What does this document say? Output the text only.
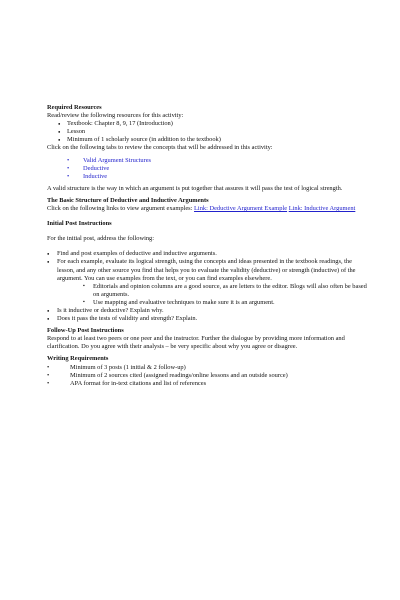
Required Resources

Read/review the following resources for this activity:

● Textbook: Chapter 8, 9, 17 (Introduction)
● Lesson
● Minimum of 1 scholarly source (in addition to the textbook)

Click on the following tabs to review the concepts that will be addressed in this activity:

• Valid Argument Structures
• Deductive
• Inductive

A valid structure is the way in which an argument is put together that assures it will pass the test of logical strength.

The Basic Structure of Deductive and Inductive Arguments

Click on the following links to view argument examples: Link: Deductive Argument Example Link: Inductive Argument

Initial Post Instructions

For the initial post, address the following:

● Find and post examples of deductive and inductive arguments.
● For each example, evaluate its logical strength, using the concepts and ideas presented in the textbook readings, the lesson, and any other source you find that helps you to evaluate the validity (deductive) or strength (inductive) of the argument. You can use examples from the text, or you can find examples elsewhere.
▪ Editorials and opinion columns are a good source, as are letters to the editor. Blogs will also often be based on arguments.
▪ Use mapping and evaluative techniques to make sure it is an argument.
● Is it inductive or deductive? Explain why.
● Does it pass the tests of validity and strength? Explain.

Follow-Up Post Instructions

Respond to at least two peers or one peer and the instructor. Further the dialogue by providing more information and clarification. Do you agree with their analysis – be very specific about why you agree or disagree.

Writing Requirements

• Minimum of 3 posts (1 initial & 2 follow-up)
• Minimum of 2 sources cited (assigned readings/online lessons and an outside source)
• APA format for in-text citations and list of references
